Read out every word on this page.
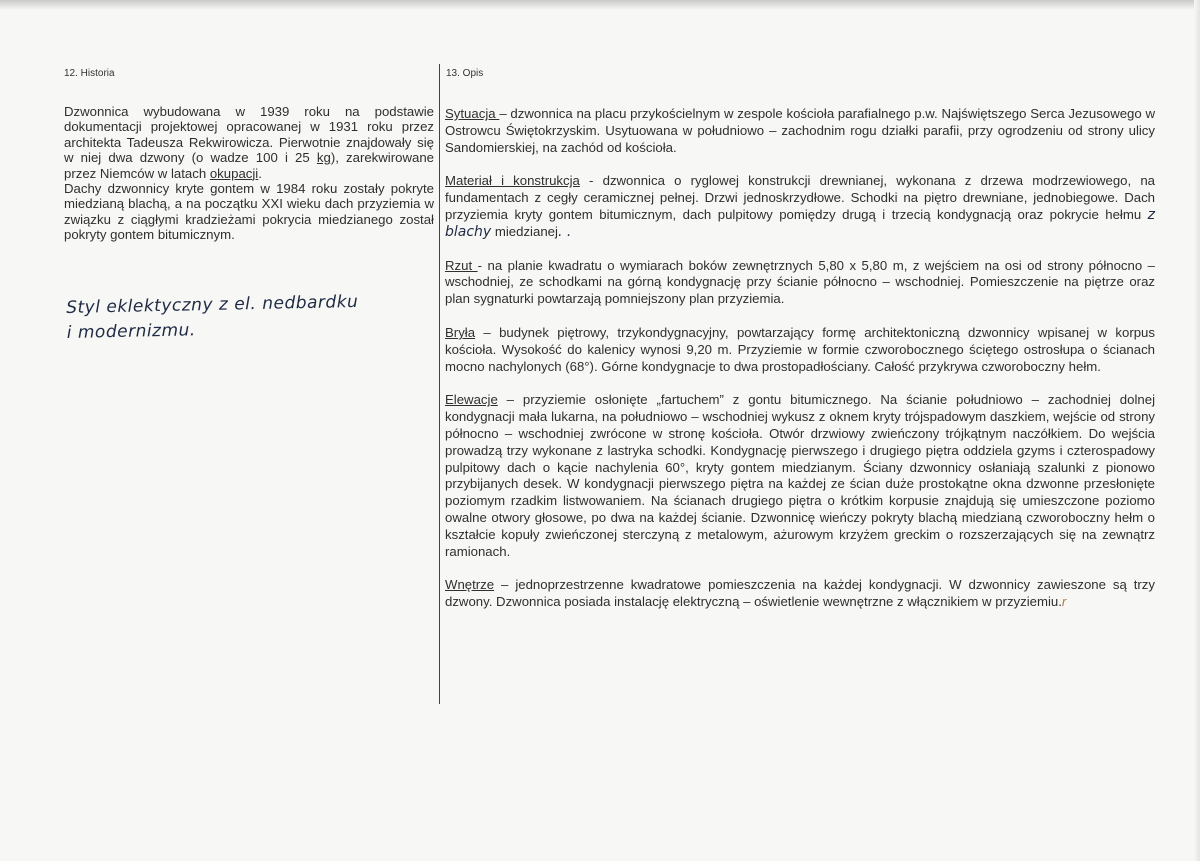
12. Historia	13. Opis

Dzwonnica wybudowana w 1939 roku na podstawie dokumentacji projektowej opracowanej w 1931 roku przez architekta Tadeusza Rekwirowicza. Pierwotnie znajdowały się w niej dwa dzwony (o wadze 100 i 25 kg), zarekwirowane przez Niemców w latach okupacji.

Dachy dzwonnicy kryte gontem w 1984 roku zostały pokryte miedzianą blachą, a na początku XXI wieku dach przyziemia w związku z ciągłymi kradzieżami pokrycia miedzianego został pokryty gontem bitumicznym.

Styl eklektyczny z el. nedbardku
i modernizmu.

Sytuacja – dzwonnica na placu przykościelnym w zespole kościoła parafialnego p.w. Najświętszego Serca Jezusowego w Ostrowcu Świętokrzyskim. Usytuowana w południowo – zachodnim rogu działki parafii, przy ogrodzeniu od strony ulicy Sandomierskiej, na zachód od kościoła.

Materiał i konstrukcja - dzwonnica o ryglowej konstrukcji drewnianej, wykonana z drzewa modrzewiowego, na fundamentach z cegły ceramicznej pełnej. Drzwi jednoskrzydłowe. Schodki na piętro drewniane, jednobiegowe. Dach przyziemia kryty gontem bitumicznym, dach pulpitowy pomiędzy drugą i trzecią kondygnacją oraz pokrycie hełmu z blachy miedzianej. .

Rzut - na planie kwadratu o wymiarach boków zewnętrznych 5,80 x 5,80 m, z wejściem na osi od strony północno – wschodniej, ze schodkami na górną kondygnację przy ścianie północno – wschodniej. Pomieszczenie na piętrze oraz plan sygnaturki powtarzają pomniejszony plan przyziemia.

Bryła – budynek piętrowy, trzykondygnacyjny, powtarzający formę architektoniczną dzwonnicy wpisanej w korpus kościoła. Wysokość do kalenicy wynosi 9,20 m. Przyziemie w formie czworobocznego ściętego ostrosłupa o ścianach mocno nachylonych (68°). Górne kondygnacje to dwa prostopadłościany. Całość przykrywa czworoboczny hełm.

Elewacje – przyziemie osłonięte „fartuchem” z gontu bitumicznego. Na ścianie południowo – zachodniej dolnej kondygnacji mała lukarna, na południowo – wschodniej wykusz z oknem kryty trójspadowym daszkiem, wejście od strony północno – wschodniej zwrócone w stronę kościoła. Otwór drzwiowy zwieńczony trójkątnym naczółkiem. Do wejścia prowadzą trzy wykonane z lastryka schodki. Kondygnację pierwszego i drugiego piętra oddziela gzyms i czterospadowy pulpitowy dach o kącie nachylenia 60°, kryty gontem miedzianym. Ściany dzwonnicy osłaniają szalunki z pionowo przybijanych desek. W kondygnacji pierwszego piętra na każdej ze ścian duże prostokątne okna dzwonne przesłonięte poziomym rzadkim listwowaniem. Na ścianach drugiego piętra o krótkim korpusie znajdują się umieszczone poziomo owalne otwory głosowe, po dwa na każdej ścianie. Dzwonnicę wieńczy pokryty blachą miedzianą czworoboczny hełm o kształcie kopuły zwieńczonej sterczyną z metalowym, ażurowym krzyżem greckim o rozszerzających się na zewnątrz ramionach.

Wnętrze – jednoprzestrzenne kwadratowe pomieszczenia na każdej kondygnacji. W dzwonnicy zawieszone są trzy dzwony. Dzwonnica posiada instalację elektryczną – oświetlenie wewnętrzne z włącznikiem w przyziemiu.r
